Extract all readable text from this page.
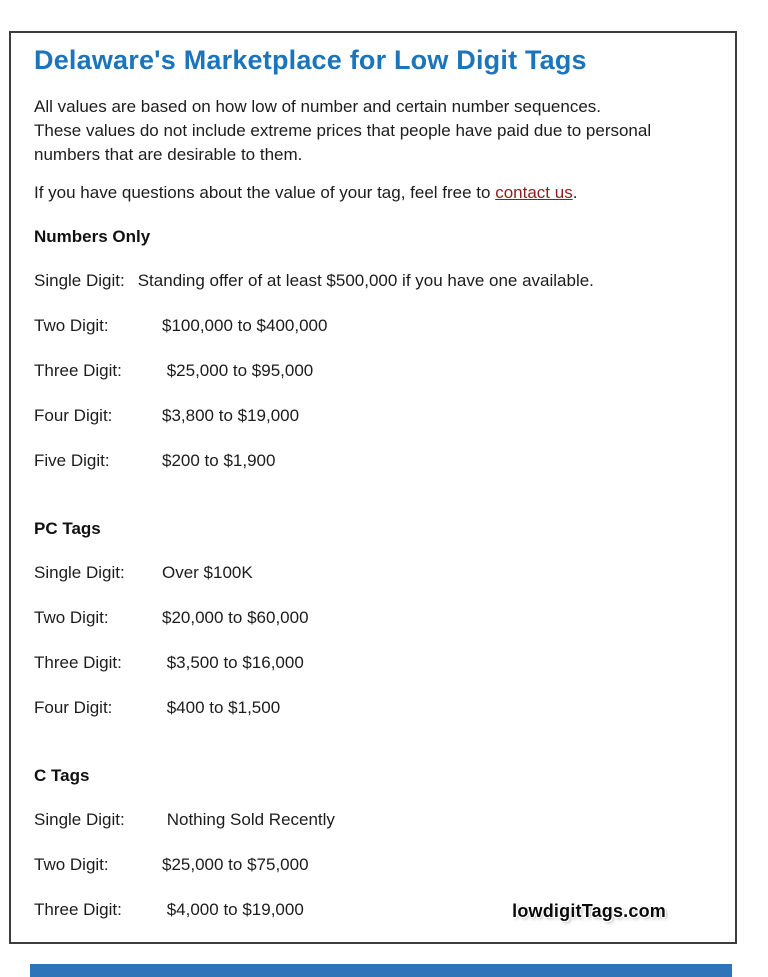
Delaware's Marketplace for Low Digit Tags

All values are based on how low of number and certain number sequences.
These values do not include extreme prices that people have paid due to personal
numbers that are desirable to them.

If you have questions about the value of your tag, feel free to contact us.

Numbers Only
Single Digit: Standing offer of at least $500,000 if you have one available.
Two Digit:	$100,000 to $400,000
Three Digit:	$25,000 to $95,000
Four Digit:	$3,800 to $19,000
Five Digit:	$200 to $1,900
PC Tags
Single Digit:	Over $100K
Two Digit:	$20,000 to $60,000
Three Digit:	$3,500 to $16,000
Four Digit:	$400 to $1,500
C Tags
Single Digit:	Nothing Sold Recently
Two Digit:	$25,000 to $75,000
Three Digit:	$4,000 to $19,000	lowdigitTags.com
